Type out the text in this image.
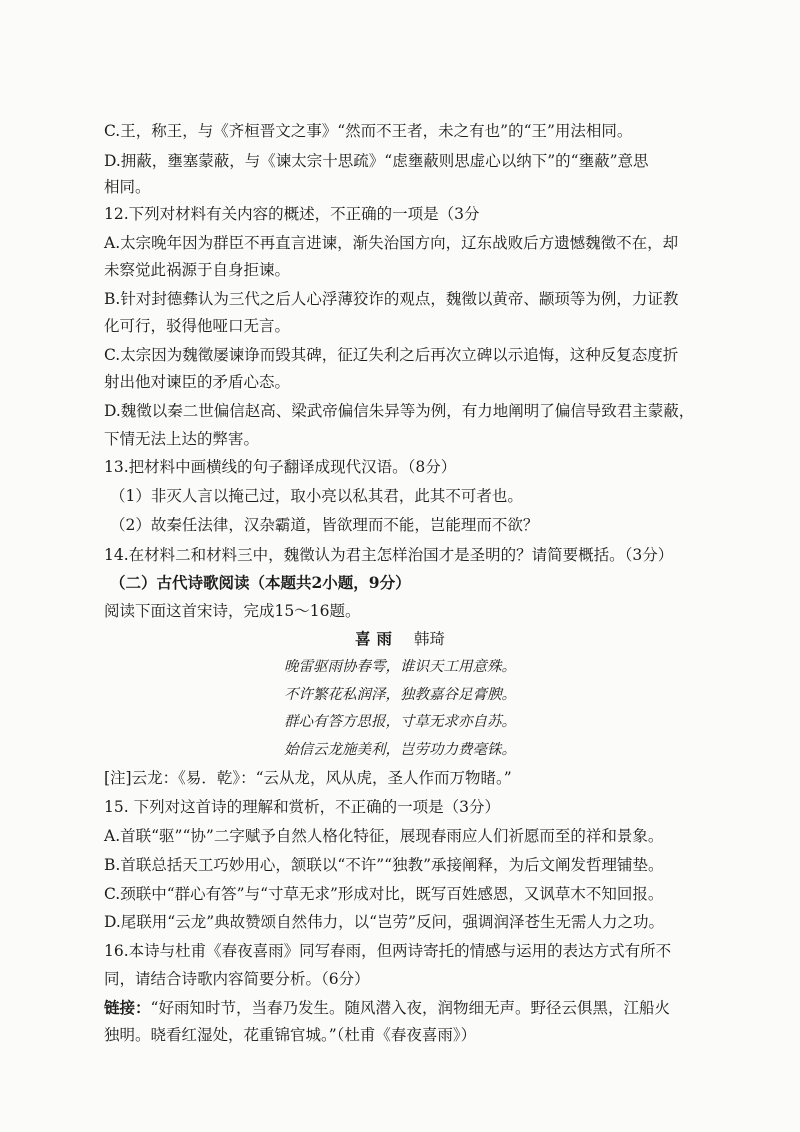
C.王，称王，与《齐桓晋文之事》“然而不王者，未之有也”的“王”用法相同。
D.拥蔽，壅塞蒙蔽，与《谏太宗十思疏》“虑壅蔽则思虚心以纳下”的“壅蔽”意思
相同。
12.下列对材料有关内容的概述，不正确的一项是（3分
A.太宗晚年因为群臣不再直言进谏，渐失治国方向，辽东战败后方遗憾魏徵不在，却
未察觉此祸源于自身拒谏。
B.针对封德彝认为三代之后人心浮薄狡诈的观点，魏徵以黄帝、颛顼等为例，力证教
化可行，驳得他哑口无言。
C.太宗因为魏徵屡谏诤而毁其碑，征辽失利之后再次立碑以示追悔，这种反复态度折
射出他对谏臣的矛盾心态。
D.魏徵以秦二世偏信赵高、梁武帝偏信朱异等为例，有力地阐明了偏信导致君主蒙蔽，
下情无法上达的弊害。
13.把材料中画横线的句子翻译成现代汉语。（8分）
（1）非灭人言以掩己过，取小亮以私其君，此其不可者也。
（2）故秦任法律，汉杂霸道，皆欲理而不能，岂能理而不欲？
14.在材料二和材料三中，魏徵认为君主怎样治国才是圣明的？请简要概括。（3分）
（二）古代诗歌阅读（本题共2小题，9分）
阅读下面这首宋诗，完成15～16题。
喜雨 韩琦
晚雷驱雨协春雩，谁识天工用意殊。
不许繁花私润泽，独教嘉谷足膏腴。
群心有答方思报，寸草无求亦自苏。
始信云龙施美利，岂劳功力费毫铢。
[注]云龙：《易．乾》：“云从龙，风从虎，圣人作而万物睹。”
15. 下列对这首诗的理解和赏析，不正确的一项是（3分）
A.首联“驱”“协”二字赋予自然人格化特征，展现春雨应人们祈愿而至的祥和景象。
B.首联总括天工巧妙用心，颔联以“不许”“独教”承接阐释，为后文阐发哲理铺垫。
C.颈联中“群心有答”与“寸草无求”形成对比，既写百姓感恩，又讽草木不知回报。
D.尾联用“云龙”典故赞颂自然伟力，以“岂劳”反问，强调润泽苍生无需人力之功。
16.本诗与杜甫《春夜喜雨》同写春雨，但两诗寄托的情感与运用的表达方式有所不
同，请结合诗歌内容简要分析。（6分）
链接：“好雨知时节，当春乃发生。随风潜入夜，润物细无声。野径云俱黑，江船火
独明。晓看红湿处，花重锦官城。”（杜甫《春夜喜雨》）
